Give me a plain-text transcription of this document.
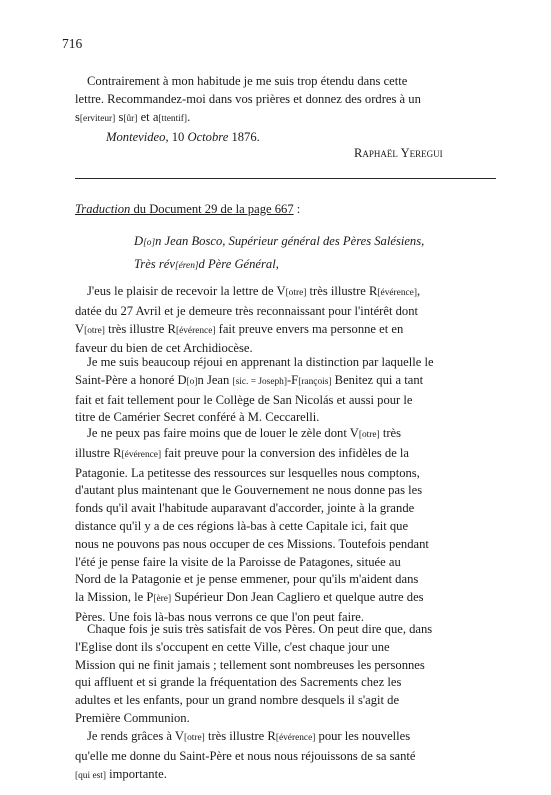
716
Contrairement à mon habitude je me suis trop étendu dans cette
lettre. Recommandez-moi dans vos prières et donnez des ordres à un
s[erviteur] s[ûr] et a[ttentif].
Montevideo, 10 Octobre 1876.
Raphaël Yeregui
Traduction du Document 29 de la page 667 :
D[o]n Jean Bosco, Supérieur général des Pères Salésiens,
Très rév[éren]d Père Général,
J'eus le plaisir de recevoir la lettre de V[otre] très illustre R[évérence],
datée du 27 Avril et je demeure très reconnaissant pour l'intérêt dont
V[otre] très illustre R[évérence] fait preuve envers ma personne et en
faveur du bien de cet Archidiocèse.
Je me suis beaucoup réjoui en apprenant la distinction par laquelle le
Saint-Père a honoré D[o]n Jean [sic. = Joseph]-F[rançois] Benitez qui a tant
fait et fait tellement pour le Collège de San Nicolás et aussi pour le
titre de Camérier Secret conféré à M. Ceccarelli.
Je ne peux pas faire moins que de louer le zèle dont V[otre] très
illustre R[évérence] fait preuve pour la conversion des infidèles de la
Patagonie. La petitesse des ressources sur lesquelles nous comptons,
d'autant plus maintenant que le Gouvernement ne nous donne pas les
fonds qu'il avait l'habitude auparavant d'accorder, jointe à la grande
distance qu'il y a de ces régions là-bas à cette Capitale ici, fait que
nous ne pouvons pas nous occuper de ces Missions. Toutefois pendant
l'été je pense faire la visite de la Paroisse de Patagones, située au
Nord de la Patagonie et je pense emmener, pour qu'ils m'aident dans
la Mission, le P[ère] Supérieur Don Jean Cagliero et quelque autre des
Pères. Une fois là-bas nous verrons ce que l'on peut faire.
Chaque fois je suis très satisfait de vos Pères. On peut dire que, dans
l'Eglise dont ils s'occupent en cette Ville, c'est chaque jour une
Mission qui ne finit jamais ; tellement sont nombreuses les personnes
qui affluent et si grande la fréquentation des Sacrements chez les
adultes et les enfants, pour un grand nombre desquels il s'agit de
Première Communion.
Je rends grâces à V[otre] très illustre R[évérence] pour les nouvelles
qu'elle me donne du Saint-Père et nous nous réjouissons de sa santé
[qui est] importante.
